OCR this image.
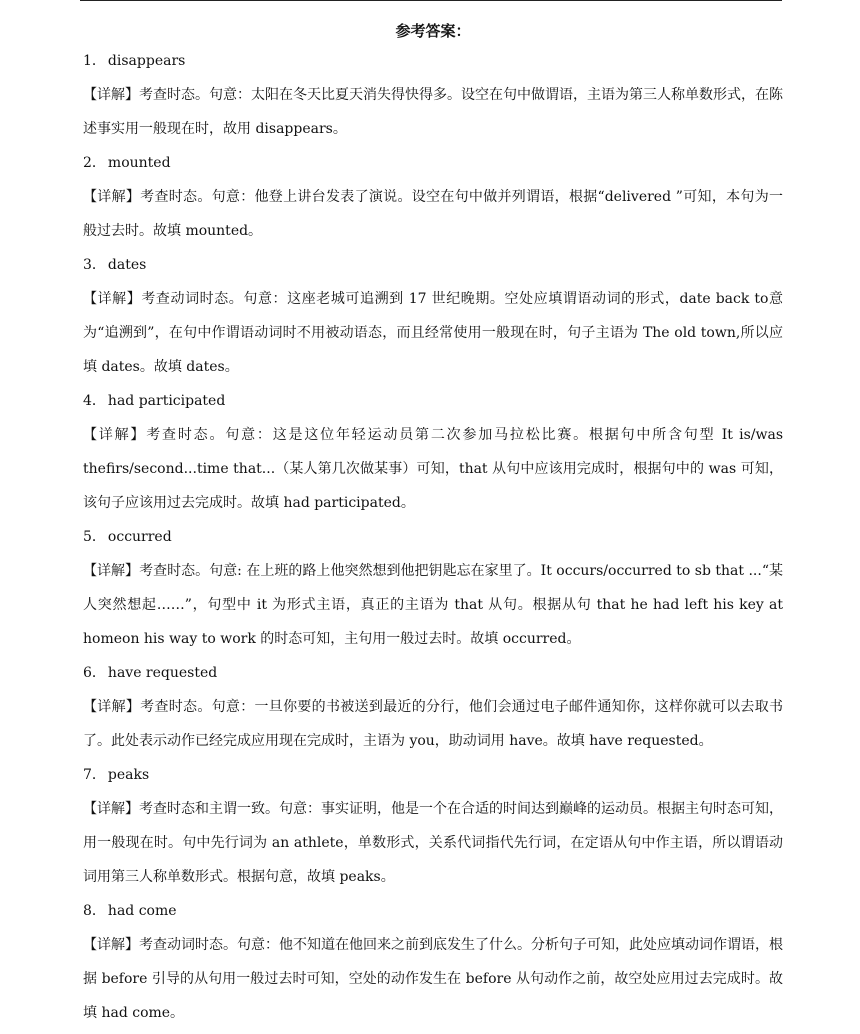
参考答案：

1． disappears

【详解】考查时态。句意：太阳在冬天比夏天消失得快得多。设空在句中做谓语，主语为第三人称单数形式，在陈述事实用一般现在时，故用 disappears。

2． mounted

【详解】考查时态。句意：他登上讲台发表了演说。设空在句中做并列谓语，根据“delivered ”可知，本句为一般过去时。故填 mounted。

3． dates

【详解】考查动词时态。句意：这座老城可追溯到 17 世纪晚期。空处应填谓语动词的形式，date back to意为“追溯到”，在句中作谓语动词时不用被动语态，而且经常使用一般现在时，句子主语为 The old town,所以应填 dates。故填 dates。

4． had participated

【详解】考查时态。句意：这是这位年轻运动员第二次参加马拉松比赛。根据句中所含句型 It is/was thefirs/second...time that...（某人第几次做某事）可知，that 从句中应该用完成时，根据句中的 was 可知，该句子应该用过去完成时。故填 had participated。

5． occurred

【详解】考查时态。句意: 在上班的路上他突然想到他把钥匙忘在家里了。It occurs/occurred to sb that ...“某人突然想起……”，句型中 it 为形式主语，真正的主语为 that 从句。根据从句 that he had left his key at homeon his way to work 的时态可知，主句用一般过去时。故填 occurred。

6． have requested

【详解】考查时态。句意：一旦你要的书被送到最近的分行，他们会通过电子邮件通知你，这样你就可以去取书了。此处表示动作已经完成应用现在完成时，主语为 you，助动词用 have。故填 have requested。

7． peaks

【详解】考查时态和主谓一致。句意：事实证明，他是一个在合适的时间达到巅峰的运动员。根据主句时态可知，用一般现在时。句中先行词为 an athlete，单数形式，关系代词指代先行词，在定语从句中作主语，所以谓语动词用第三人称单数形式。根据句意，故填 peaks。

8． had come

【详解】考查动词时态。句意：他不知道在他回来之前到底发生了什么。分析句子可知，此处应填动词作谓语，根据 before 引导的从句用一般过去时可知，空处的动作发生在 before 从句动作之前，故空处应用过去完成时。故填 had come。
